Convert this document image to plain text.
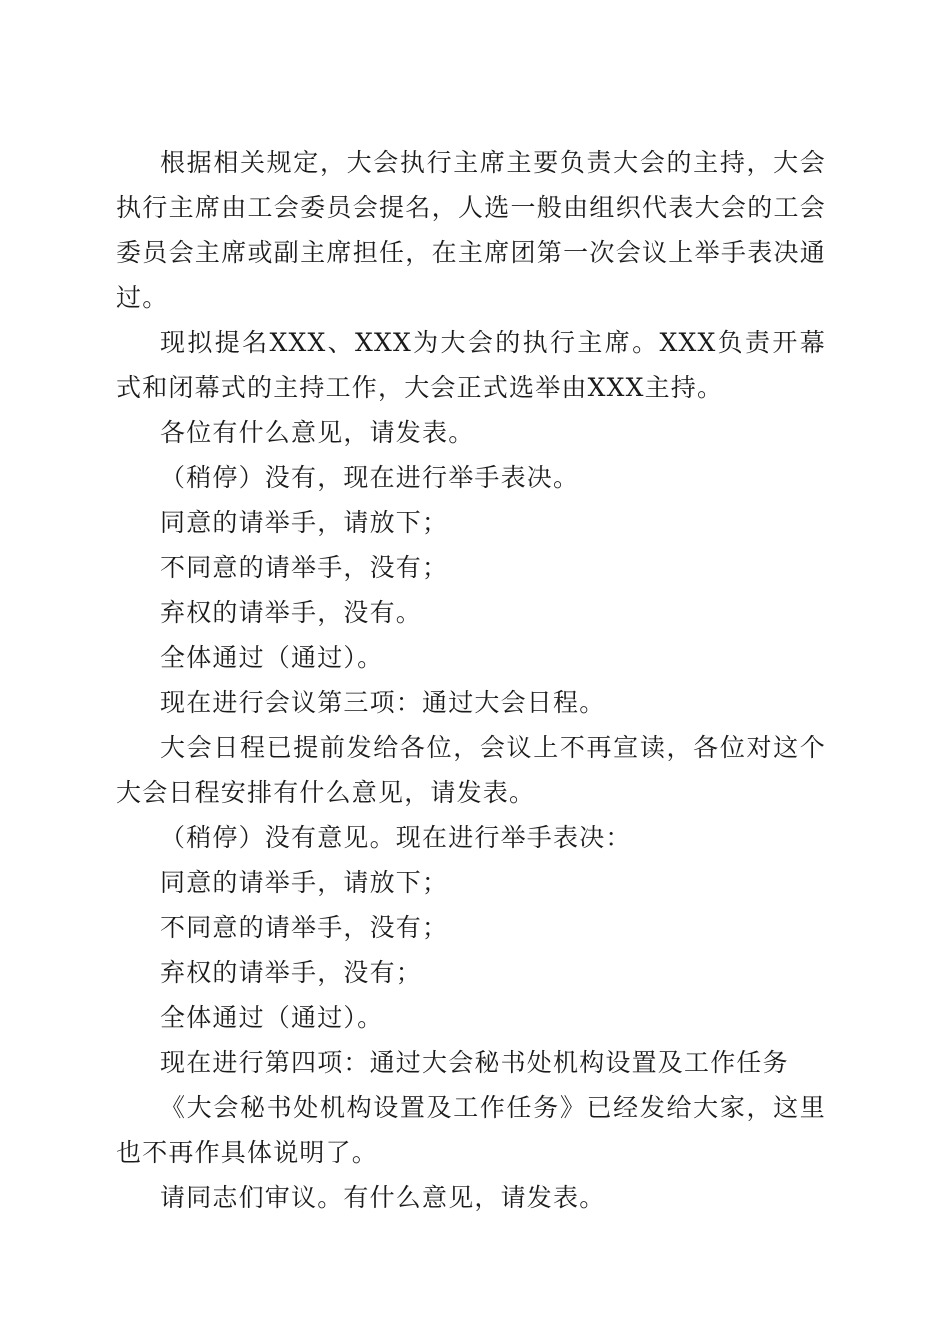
根据相关规定，大会执行主席主要负责大会的主持，大会执行主席由工会委员会提名，人选一般由组织代表大会的工会委员会主席或副主席担任，在主席团第一次会议上举手表决通过。

现拟提名XXX、XXX为大会的执行主席。XXX负责开幕式和闭幕式的主持工作，大会正式选举由XXX主持。

各位有什么意见，请发表。

（稍停）没有，现在进行举手表决。

同意的请举手，请放下；

不同意的请举手，没有；

弃权的请举手，没有。

全体通过（通过）。

现在进行会议第三项：通过大会日程。

大会日程已提前发给各位，会议上不再宣读，各位对这个大会日程安排有什么意见，请发表。

（稍停）没有意见。现在进行举手表决：

同意的请举手，请放下；

不同意的请举手，没有；

弃权的请举手，没有；

全体通过（通过）。

现在进行第四项：通过大会秘书处机构设置及工作任务

《大会秘书处机构设置及工作任务》已经发给大家，这里也不再作具体说明了。

请同志们审议。有什么意见，请发表。
